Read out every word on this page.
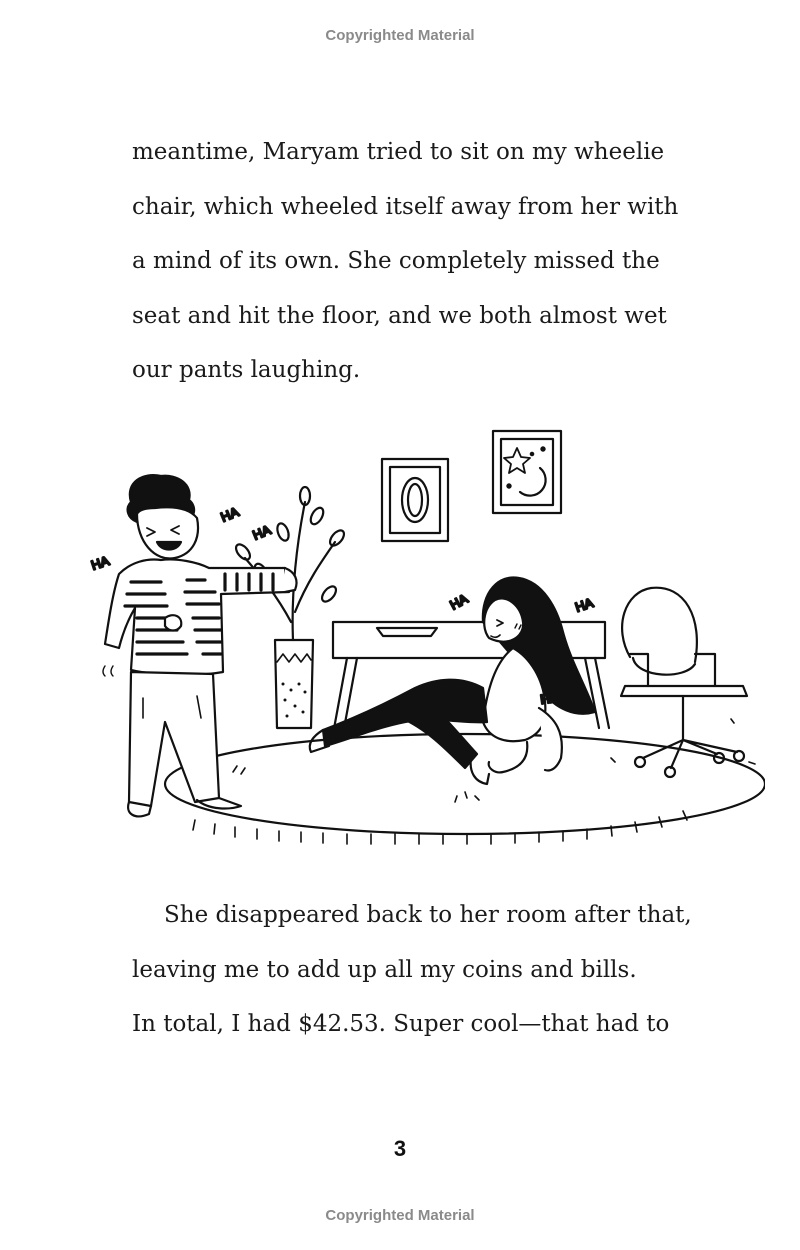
Copyrighted Material
meantime, Maryam tried to sit on my wheelie
chair, which wheeled itself away from her with
a mind of its own. She completely missed the
seat and hit the floor, and we both almost wet
our pants laughing.
HA
HA
HA
HA	HA
HA
She disappeared back to her room after that,
leaving me to add up all my coins and bills.
In total, I had $42.53. Super cool—that had to
3
Copyrighted Material
